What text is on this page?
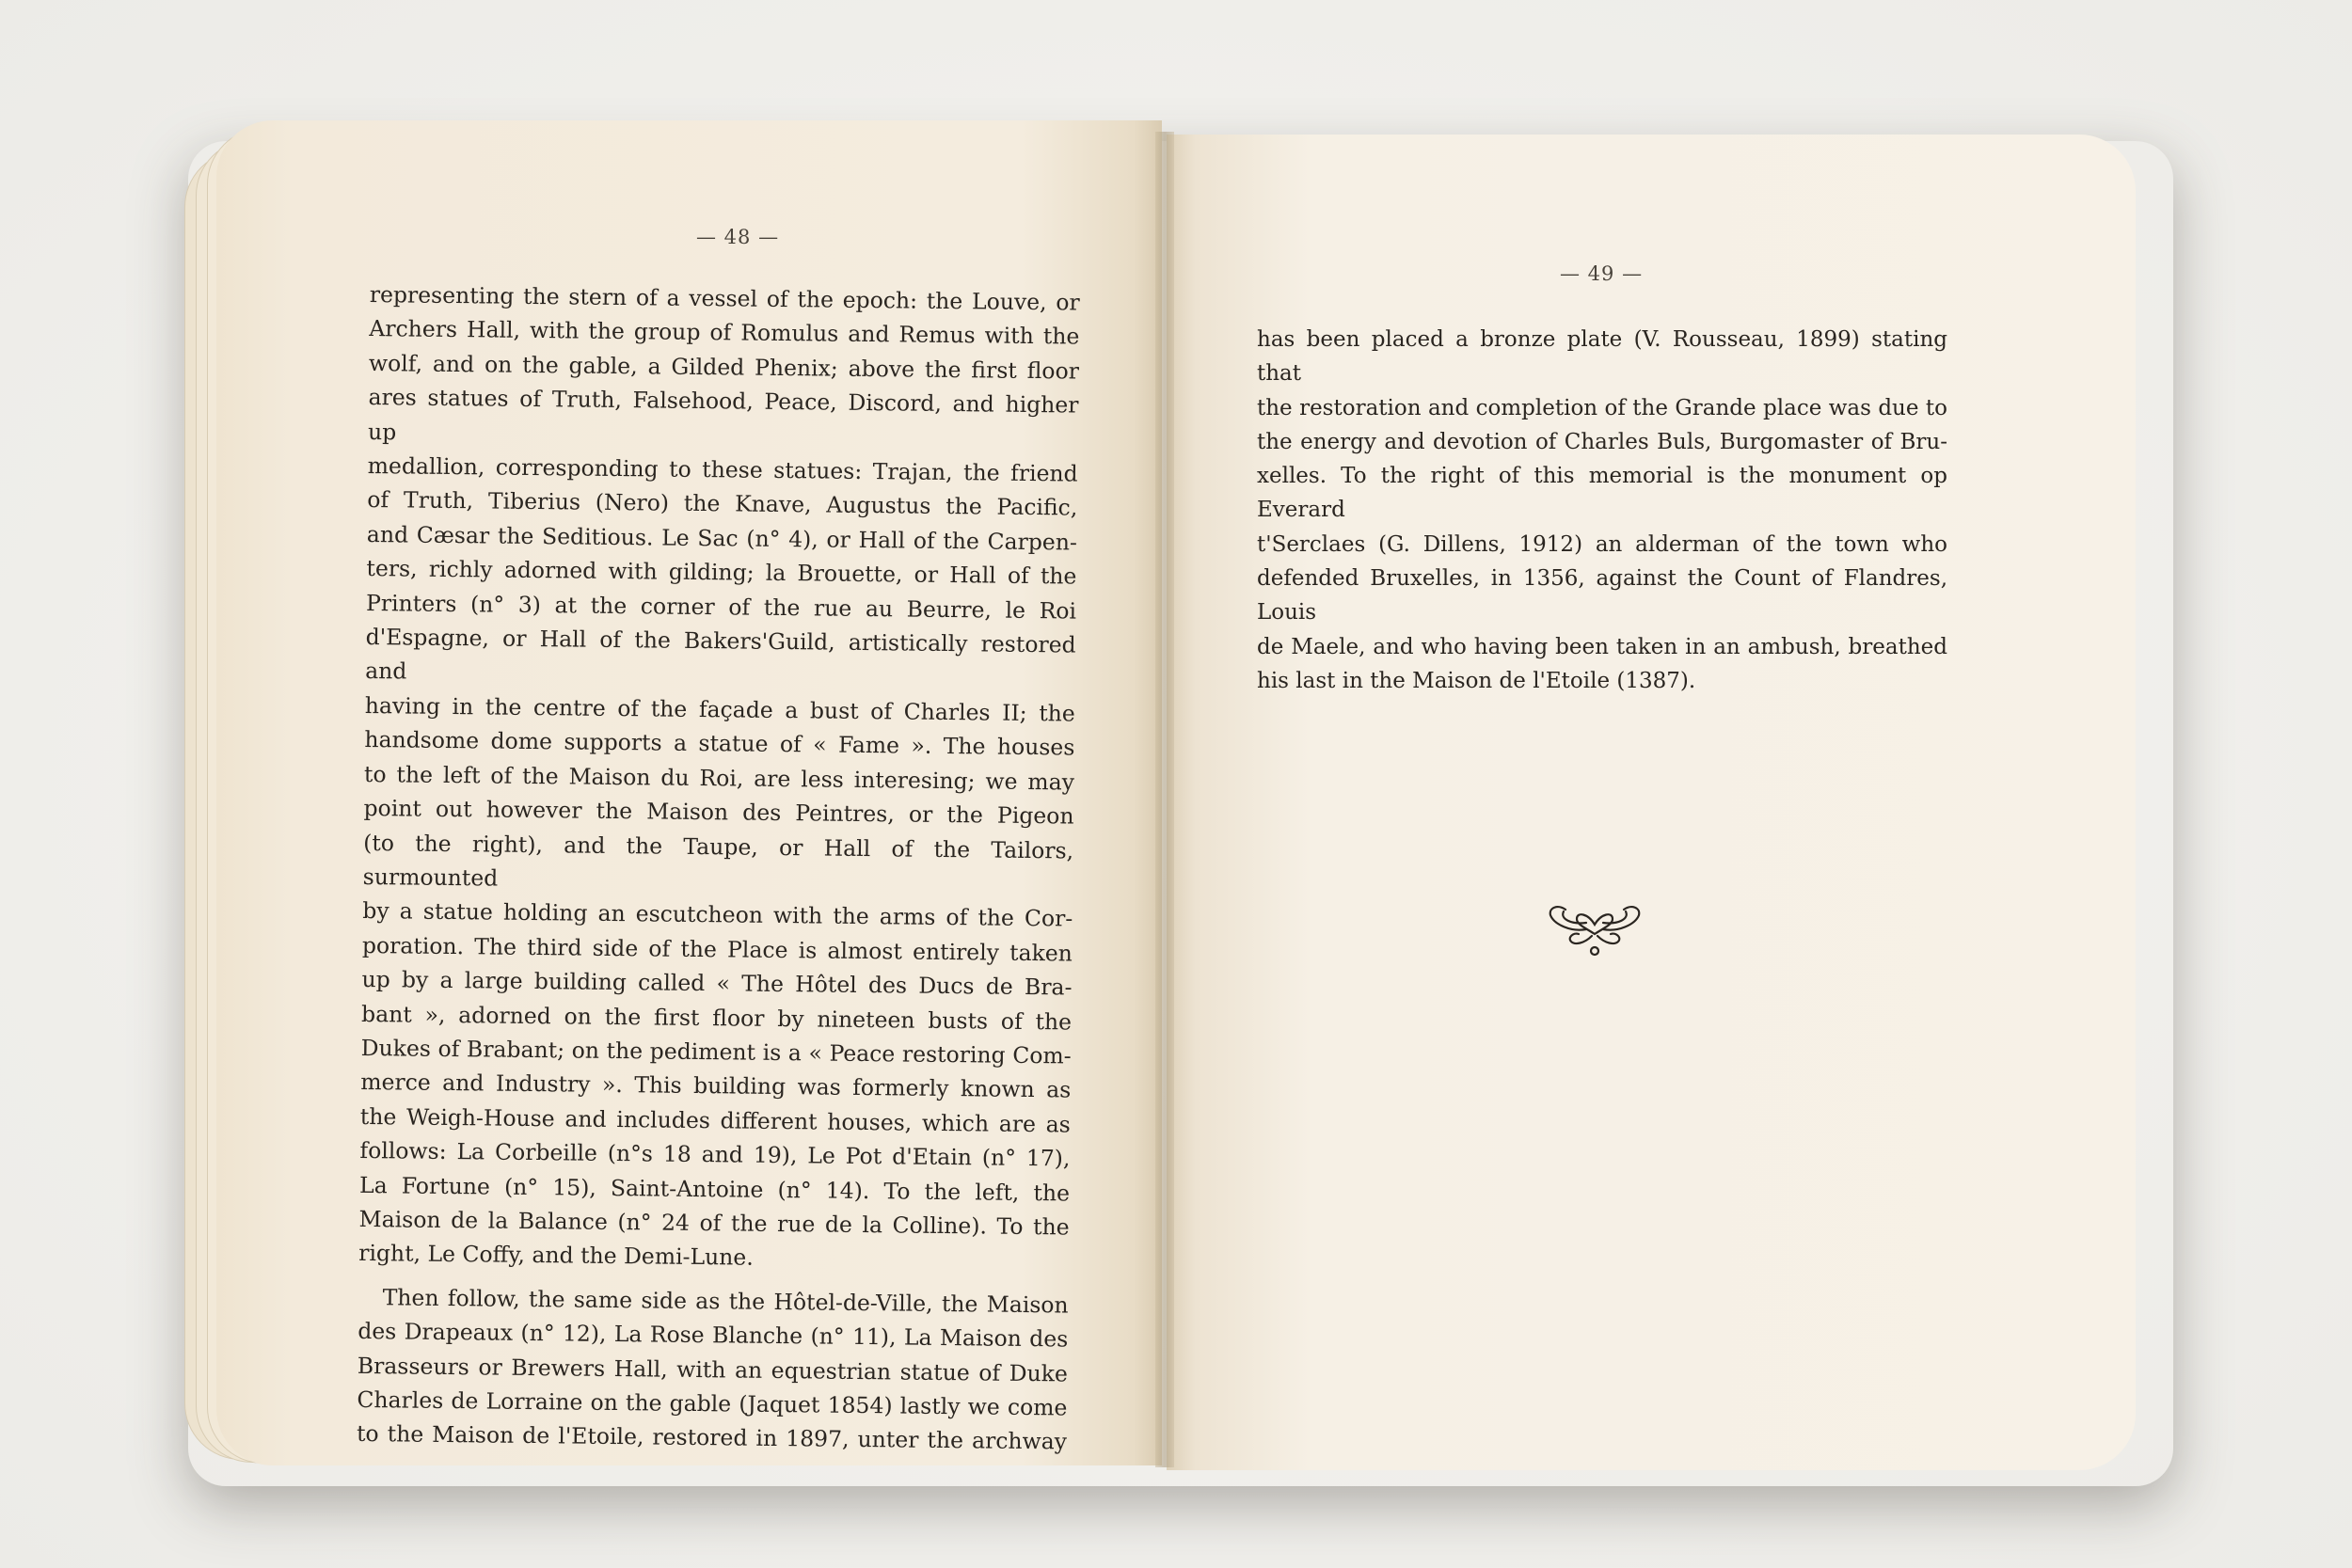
— 48 —

representing the stern of a vessel of the epoch: the Louve, or
Archers Hall, with the group of Romulus and Remus with the
wolf, and on the gable, a Gilded Phenix; above the first floor
ares statues of Truth, Falsehood, Peace, Discord, and higher up
medallion, corresponding to these statues: Trajan, the friend
of Truth, Tiberius (Nero) the Knave, Augustus the Pacific,
and Cæsar the Seditious. Le Sac (n° 4), or Hall of the Carpen-
ters, richly adorned with gilding; la Brouette, or Hall of the
Printers (n° 3) at the corner of the rue au Beurre, le Roi
d'Espagne, or Hall of the Bakers'Guild, artistically restored and
having in the centre of the façade a bust of Charles II; the
handsome dome supports a statue of « Fame ». The houses
to the left of the Maison du Roi, are less interesing; we may
point out however the Maison des Peintres, or the Pigeon
(to the right), and the Taupe, or Hall of the Tailors, surmounted
by a statue holding an escutcheon with the arms of the Cor-
poration. The third side of the Place is almost entirely taken
up by a large building called « The Hôtel des Ducs de Bra-
bant », adorned on the first floor by nineteen busts of the
Dukes of Brabant; on the pediment is a « Peace restoring Com-
merce and Industry ». This building was formerly known as
the Weigh-House and includes different houses, which are as
follows: La Corbeille (n°s 18 and 19), Le Pot d'Etain (n° 17),
La Fortune (n° 15), Saint-Antoine (n° 14). To the left, the
Maison de la Balance (n° 24 of the rue de la Colline). To the
right, Le Coffy, and the Demi-Lune.

Then follow, the same side as the Hôtel-de-Ville, the Maison
des Drapeaux (n° 12), La Rose Blanche (n° 11), La Maison des
Brasseurs or Brewers Hall, with an equestrian statue of Duke
Charles de Lorraine on the gable (Jaquet 1854) lastly we come
to the Maison de l'Etoile, restored in 1897, unter the archway

— 49 —

has been placed a bronze plate (V. Rousseau, 1899) stating that
the restoration and completion of the Grande place was due to
the energy and devotion of Charles Buls, Burgomaster of Bru-
xelles. To the right of this memorial is the monument op Everard
t'Serclaes (G. Dillens, 1912) an alderman of the town who
defended Bruxelles, in 1356, against the Count of Flandres, Louis
de Maele, and who having been taken in an ambush, breathed
his last in the Maison de l'Etoile (1387).
